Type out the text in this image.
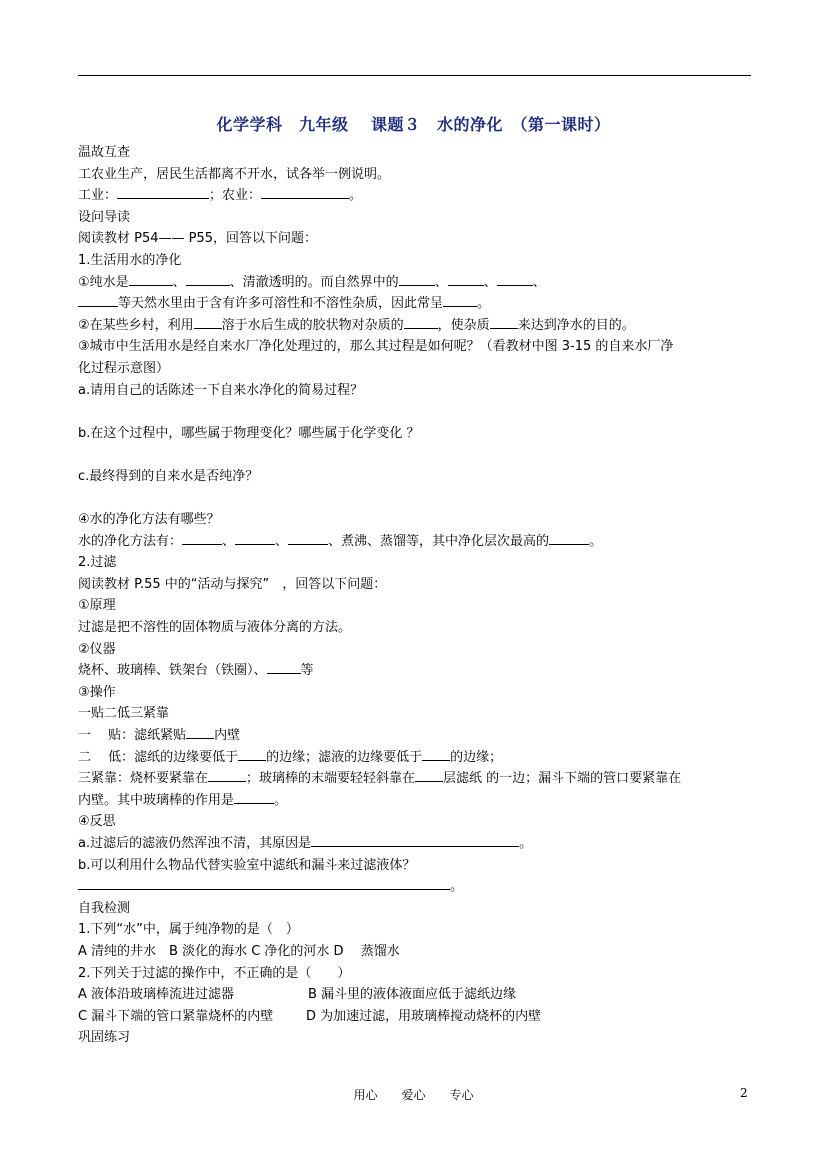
化学学科　九年级　 课题３　水的净化　（第一课时）
温故互查
工农业生产，居民生活都离不开水，试各举一例说明。
工业：	；农业：	。
设问导读
阅读教材 P54—— P55，回答以下问题：
1.生活用水的净化
①纯水是	、	、清澈透明的。而自然界中的	、	、	、
等天然水里由于含有许多可溶性和不溶性杂质，因此常呈	。
②在某些乡村，利用 溶于水后生成的胶状物对杂质的	，使杂质 来达到净水的目的。
③城市中生活用水是经自来水厂净化处理过的，那么其过程是如何呢？（看教材中图 3-15 的自来水厂净
化过程示意图）
a.请用自己的话陈述一下自来水净化的简易过程？
b.在这个过程中，哪些属于物理变化？哪些属于化学变化 ？
c.最终得到的自来水是否纯净？
④水的净化方法有哪些？
水的净化方法有：	、	、	、煮沸、蒸馏等，其中净化层次最高的	。
2.过滤
阅读教材 P.55 中的“活动与探究”　，回答以下问题：
①原理
过滤是把不溶性的固体物质与液体分离的方法。
②仪器
烧杯、玻璃棒、铁架台（铁圈）、	等
③操作
一贴二低三紧靠
一　 贴：滤纸紧贴 内壁
二　 低：滤纸的边缘要低于 的边缘；滤液的边缘要低于 的边缘；
三紧靠：烧杯要紧靠在	；玻璃棒的末端要轻轻斜靠在 层滤纸 的一边；漏斗下端的管口要紧靠在
内壁。其中玻璃棒的作用是	。
④反思
a.过滤后的滤液仍然浑浊不清，其原因是	。
b.可以利用什么物品代替实验室中滤纸和漏斗来过滤液体？
。
自我检测
1.下列“水”中，属于纯净物的是（　）
A 清纯的井水　B 淡化的海水 C 净化的河水 D　 蒸馏水
2.下列关于过滤的操作中，不正确的是（　　）
A 液体沿玻璃棒流进过滤器	B 漏斗里的液体液面应低于滤纸边缘
C 漏斗下端的管口紧靠烧杯的内壁	D 为加速过滤，用玻璃棒搅动烧杯的内壁
巩固练习
用心　　爱心　　专心	2
